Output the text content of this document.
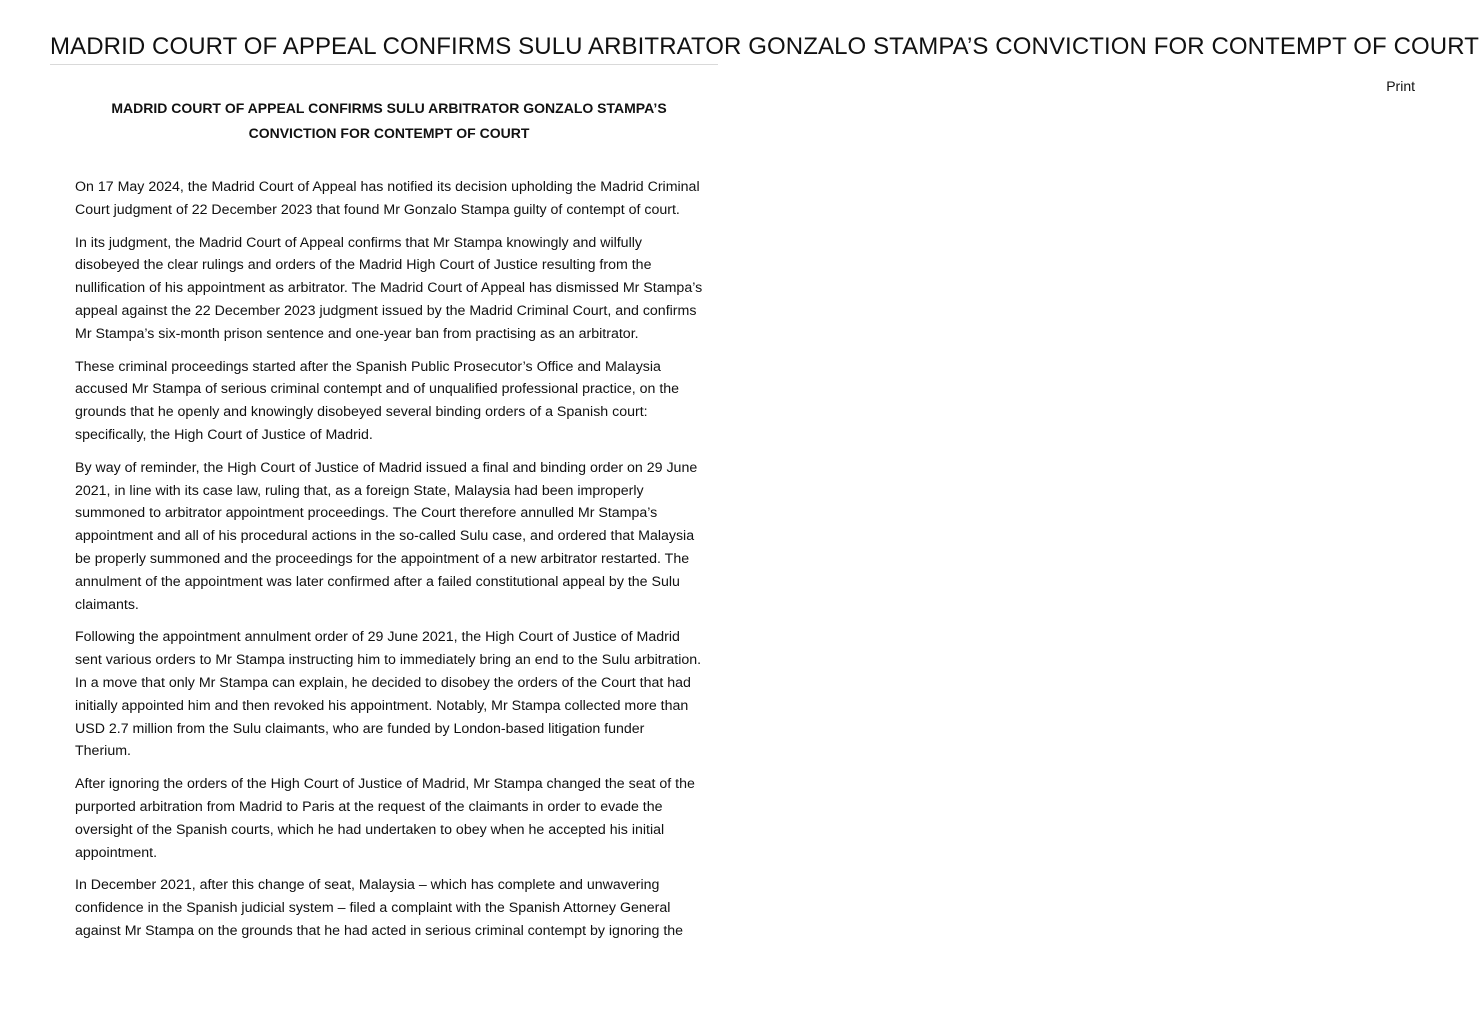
MADRID COURT OF APPEAL CONFIRMS SULU ARBITRATOR GONZALO STAMPA’S CONVICTION FOR CONTEMPT OF COURT
Print
MADRID COURT OF APPEAL CONFIRMS SULU ARBITRATOR GONZALO STAMPA’S
CONVICTION FOR CONTEMPT OF COURT

On 17 May 2024, the Madrid Court of Appeal has notified its decision upholding the Madrid Criminal Court judgment of 22 December 2023 that found Mr Gonzalo Stampa guilty of contempt of court.

In its judgment, the Madrid Court of Appeal confirms that Mr Stampa knowingly and wilfully disobeyed the clear rulings and orders of the Madrid High Court of Justice resulting from the nullification of his appointment as arbitrator. The Madrid Court of Appeal has dismissed Mr Stampa’s appeal against the 22 December 2023 judgment issued by the Madrid Criminal Court, and confirms Mr Stampa’s six-month prison sentence and one-year ban from practising as an arbitrator.

These criminal proceedings started after the Spanish Public Prosecutor’s Office and Malaysia accused Mr Stampa of serious criminal contempt and of unqualified professional practice, on the grounds that he openly and knowingly disobeyed several binding orders of a Spanish court: specifically, the High Court of Justice of Madrid.

By way of reminder, the High Court of Justice of Madrid issued a final and binding order on 29 June 2021, in line with its case law, ruling that, as a foreign State, Malaysia had been improperly summoned to arbitrator appointment proceedings. The Court therefore annulled Mr Stampa’s appointment and all of his procedural actions in the so-called Sulu case, and ordered that Malaysia be properly summoned and the proceedings for the appointment of a new arbitrator restarted. The annulment of the appointment was later confirmed after a failed constitutional appeal by the Sulu claimants.

Following the appointment annulment order of 29 June 2021, the High Court of Justice of Madrid sent various orders to Mr Stampa instructing him to immediately bring an end to the Sulu arbitration. In a move that only Mr Stampa can explain, he decided to disobey the orders of the Court that had initially appointed him and then revoked his appointment. Notably, Mr Stampa collected more than USD 2.7 million from the Sulu claimants, who are funded by London-based litigation funder Therium.

After ignoring the orders of the High Court of Justice of Madrid, Mr Stampa changed the seat of the purported arbitration from Madrid to Paris at the request of the claimants in order to evade the oversight of the Spanish courts, which he had undertaken to obey when he accepted his initial appointment.

In December 2021, after this change of seat, Malaysia – which has complete and unwavering confidence in the Spanish judicial system – filed a complaint with the Spanish Attorney General against Mr Stampa on the grounds that he had acted in serious criminal contempt by ignoring the
